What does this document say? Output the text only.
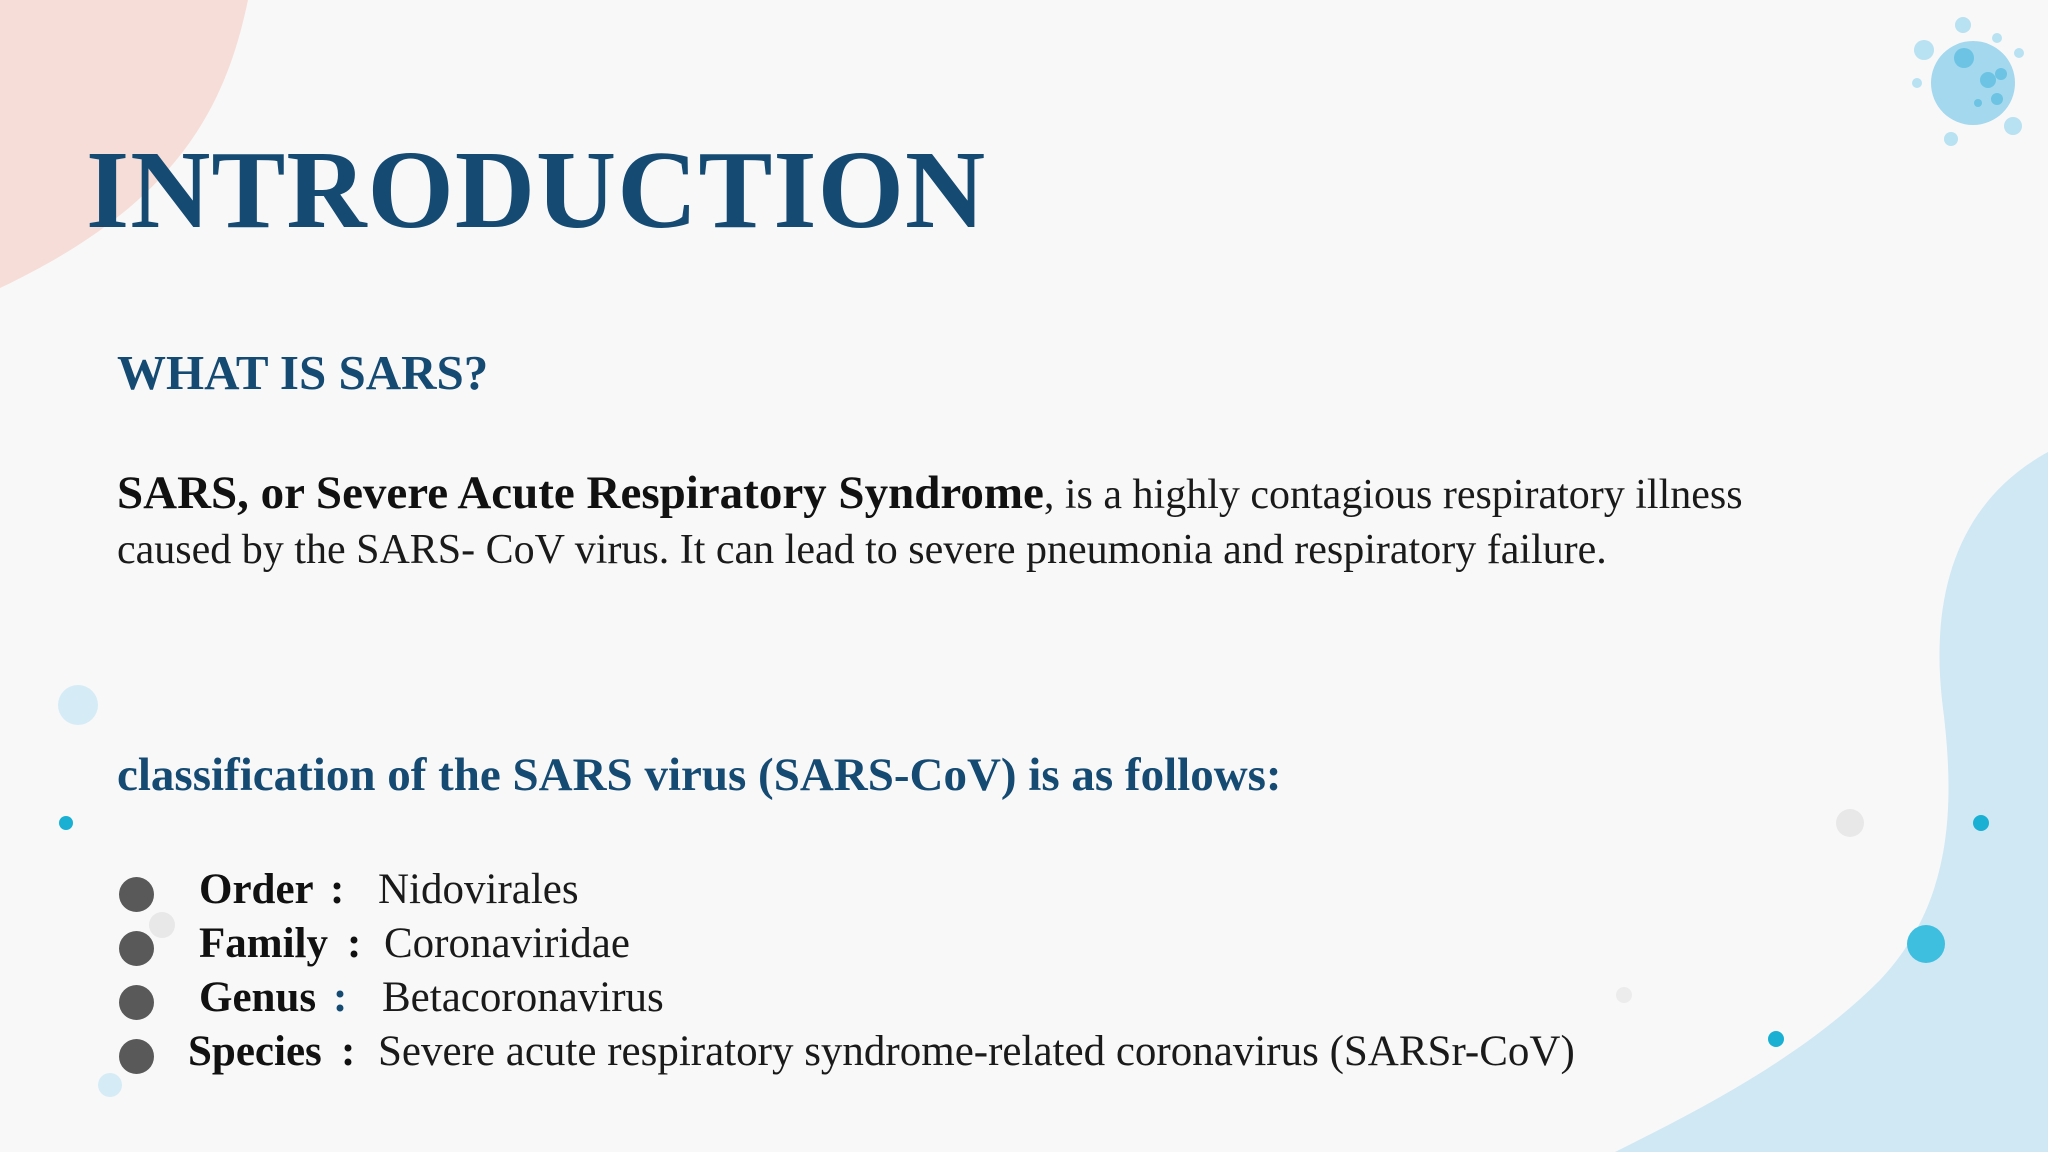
INTRODUCTION
WHAT IS SARS?

SARS, or Severe Acute Respiratory Syndrome, is a highly contagious respiratory illness caused by the SARS- CoV virus. It can lead to severe pneumonia and respiratory failure.

classification of the SARS virus (SARS-CoV) is as follows:
Order : Nidovirales
Family : Coronaviridae
Genus : Betacoronavirus
Species : Severe acute respiratory syndrome-related coronavirus (SARSr-CoV)
